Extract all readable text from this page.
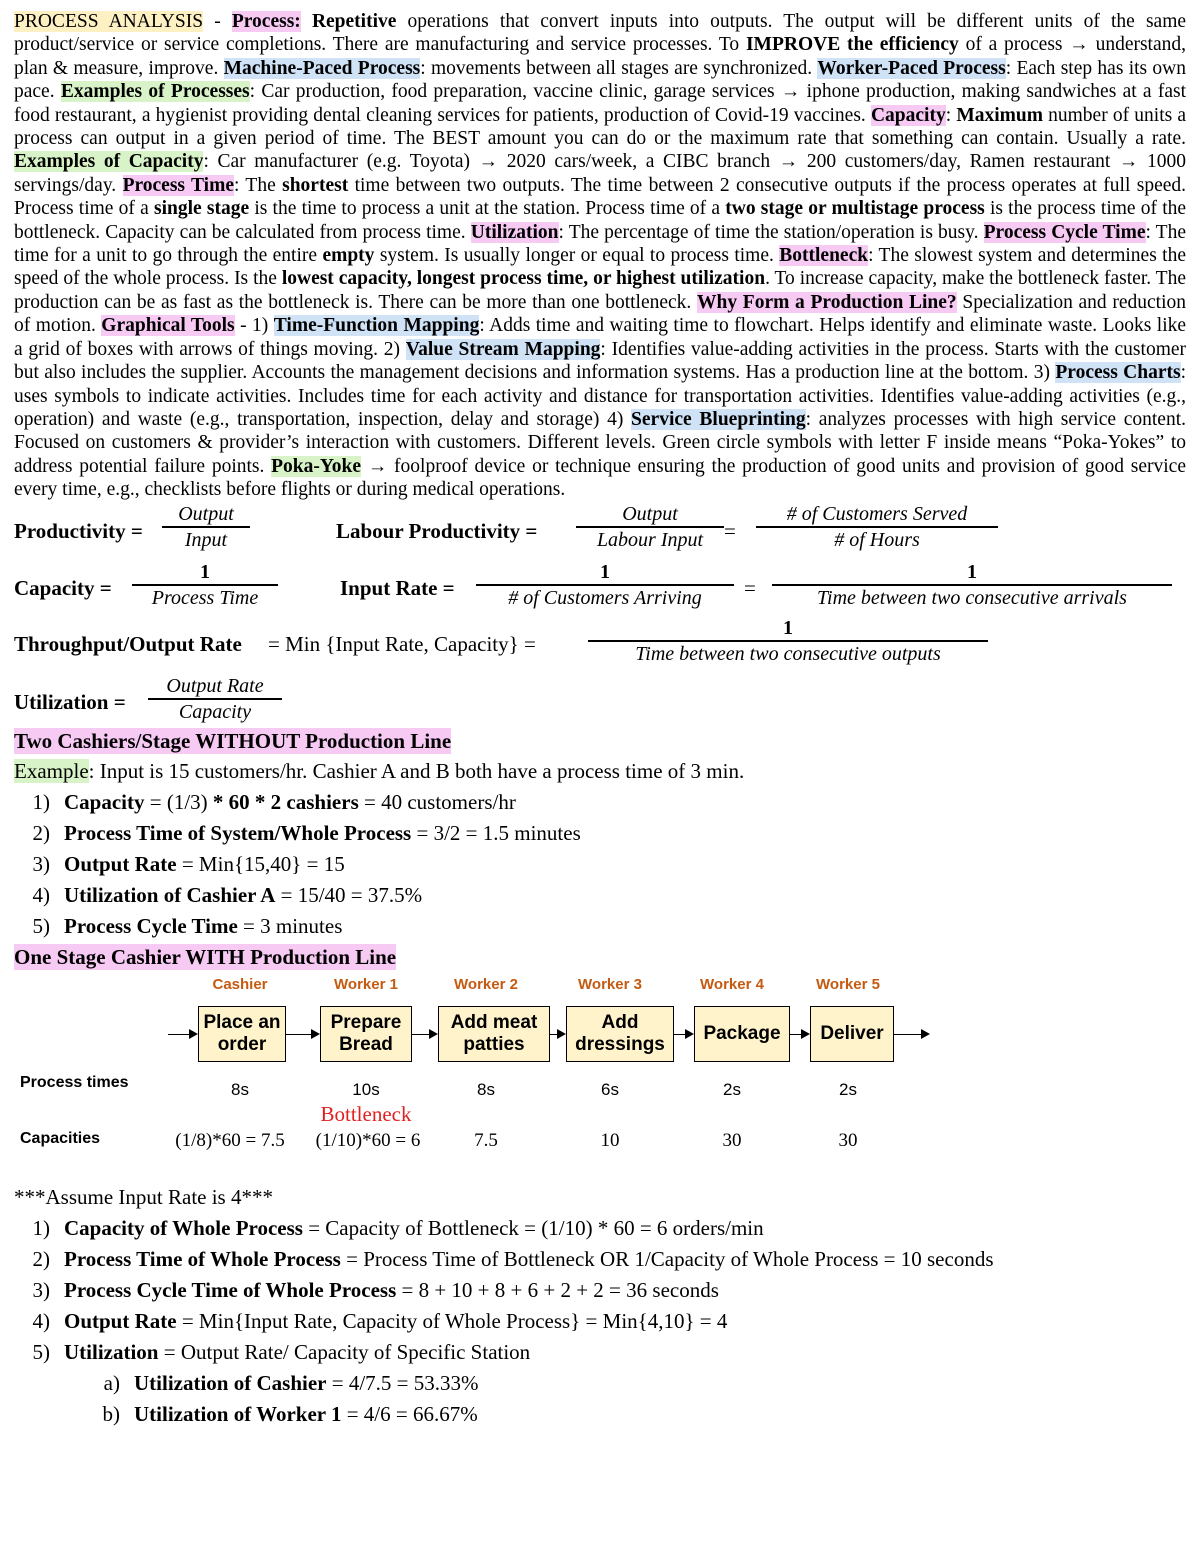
PROCESS ANALYSIS - Process: Repetitive operations that convert inputs into outputs. The output will be different units of the same product/service or service completions. There are manufacturing and service processes. To IMPROVE the efficiency of a process → understand, plan & measure, improve. Machine-Paced Process: movements between all stages are synchronized. Worker-Paced Process: Each step has its own pace. Examples of Processes: Car production, food preparation, vaccine clinic, garage services → iphone production, making sandwiches at a fast food restaurant, a hygienist providing dental cleaning services for patients, production of Covid-19 vaccines. Capacity: Maximum number of units a process can output in a given period of time. The BEST amount you can do or the maximum rate that something can contain. Usually a rate. Examples of Capacity: Car manufacturer (e.g. Toyota) → 2020 cars/week, a CIBC branch → 200 customers/day, Ramen restaurant → 1000 servings/day. Process Time: The shortest time between two outputs. The time between 2 consecutive outputs if the process operates at full speed. Process time of a single stage is the time to process a unit at the station. Process time of a two stage or multistage process is the process time of the bottleneck. Capacity can be calculated from process time. Utilization: The percentage of time the station/operation is busy. Process Cycle Time: The time for a unit to go through the entire empty system. Is usually longer or equal to process time. Bottleneck: The slowest system and determines the speed of the whole process. Is the lowest capacity, longest process time, or highest utilization. To increase capacity, make the bottleneck faster. The production can be as fast as the bottleneck is. There can be more than one bottleneck. Why Form a Production Line? Specialization and reduction of motion. Graphical Tools - 1) Time-Function Mapping: Adds time and waiting time to flowchart. Helps identify and eliminate waste. Looks like a grid of boxes with arrows of things moving. 2) Value Stream Mapping: Identifies value-adding activities in the process. Starts with the customer but also includes the supplier. Accounts the management decisions and information systems. Has a production line at the bottom. 3) Process Charts: uses symbols to indicate activities. Includes time for each activity and distance for transportation activities. Identifies value-adding activities (e.g., operation) and waste (e.g., transportation, inspection, delay and storage) 4) Service Blueprinting: analyzes processes with high service content. Focused on customers & provider’s interaction with customers. Different levels. Green circle symbols with letter F inside means “Poka-Yokes” to address potential failure points. Poka-Yoke → foolproof device or technique ensuring the production of good units and provision of good service every time, e.g., checklists before flights or during medical operations.

Productivity =
Output
Input	Labour Productivity =
Output
Labour Input =
# of Customers Served
# of Hours
Capacity =
1
Process Time	Input Rate =
1
# of Customers Arriving	=
1
Time between two consecutive arrivals
Throughput/Output Rate = Min {Input Rate, Capacity} =
1
Time between two consecutive outputs
Utilization =
Output Rate
Capacity
Two Cashiers/Stage WITHOUT Production Line
Example: Input is 15 customers/hr. Cashier A and B both have a process time of 3 min.
1) Capacity = (1/3) * 60 * 2 cashiers = 40 customers/hr
2) Process Time of System/Whole Process = 3/2 = 1.5 minutes
3) Output Rate = Min{15,40} = 15
4) Utilization of Cashier A = 15/40 = 37.5%
5) Process Cycle Time = 3 minutes
One Stage Cashier WITH Production Line
Cashier	Worker 1	Worker 2	Worker 3	Worker 4	Worker 5
Place an order
Prepare Bread
Add meat patties
Add dressings
Package	Deliver
Process times	8s	10s	8s	6s	2s	2s
Bottleneck
Capacities	(1/8)*60 = 7.5	(1/10)*60 = 6	7.5	10	30	30
***Assume Input Rate is 4***
1) Capacity of Whole Process = Capacity of Bottleneck = (1/10) * 60 = 6 orders/min
2) Process Time of Whole Process = Process Time of Bottleneck OR 1/Capacity of Whole Process = 10 seconds
3) Process Cycle Time of Whole Process = 8 + 10 + 8 + 6 + 2 + 2 = 36 seconds
4) Output Rate = Min{Input Rate, Capacity of Whole Process} = Min{4,10} = 4
5) Utilization = Output Rate/ Capacity of Specific Station
a) Utilization of Cashier = 4/7.5 = 53.33%
b) Utilization of Worker 1 = 4/6 = 66.67%
